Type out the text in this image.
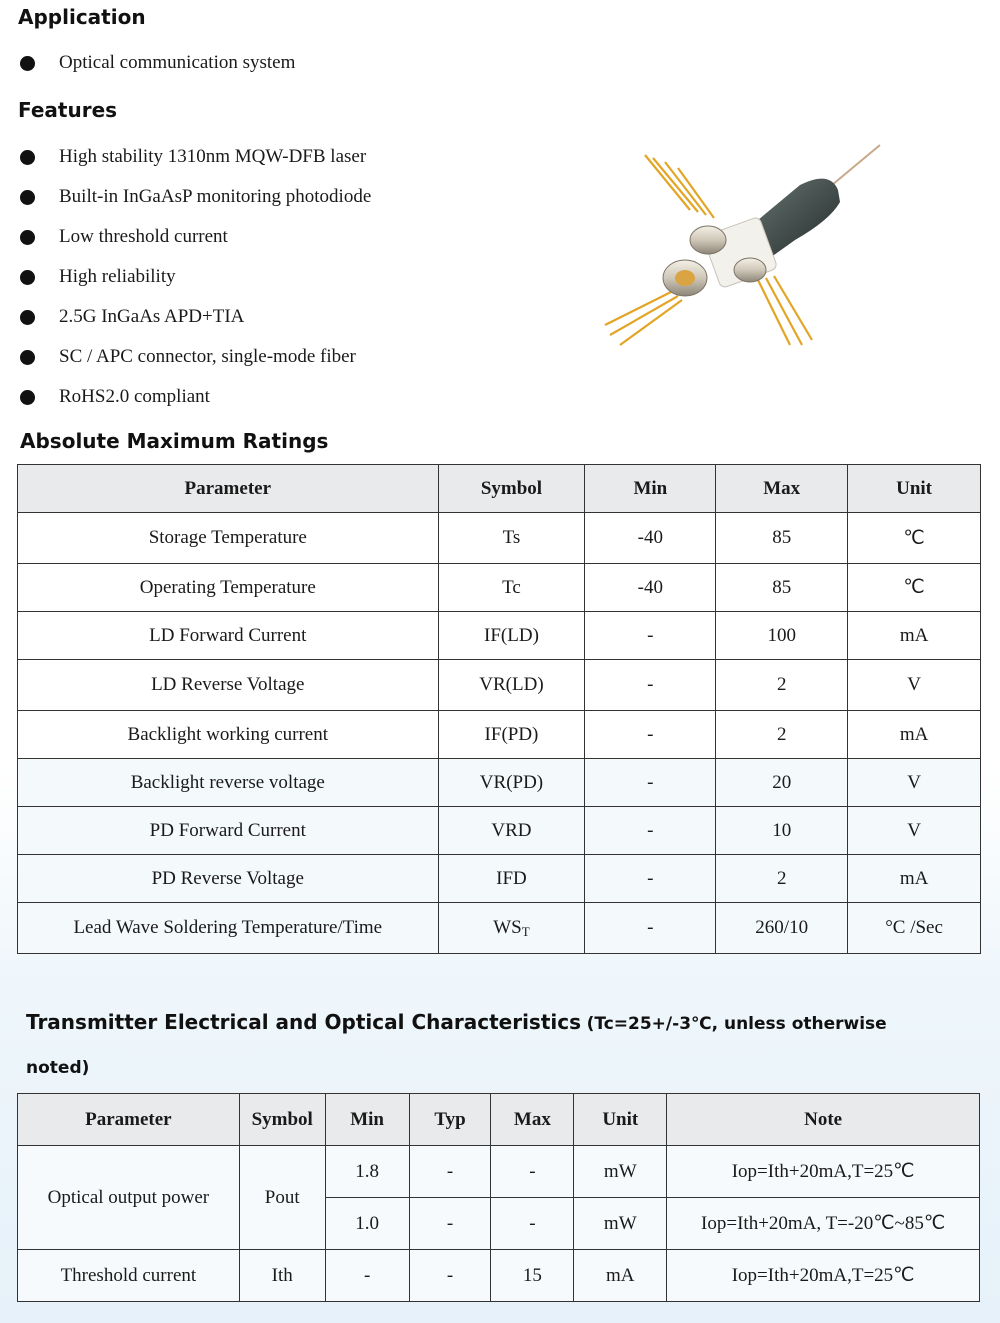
Application
Optical communication system
Features
High stability 1310nm MQW-DFB laser
Built-in InGaAsP monitoring photodiode
Low threshold current
High reliability
2.5G InGaAs APD+TIA
SC / APC connector, single-mode fiber
RoHS2.0 compliant
Absolute Maximum Ratings
Parameter	Symbol	Min	Max	Unit
Storage Temperature	Ts	-40	85	℃
Operating Temperature	Tc	-40	85	℃
LD Forward Current	IF(LD)	-	100	mA
LD Reverse Voltage	VR(LD)	-	2	V
Backlight working current	IF(PD)	-	2	mA
Backlight reverse voltage	VR(PD)	-	20	V
PD Forward Current	VRD	-	10	V
PD Reverse Voltage	IFD	-	2	mA
Lead Wave Soldering Temperature/Time	$WS_T$	-	260/10	°C /Sec

Transmitter Electrical and Optical Characteristics (Tc=25+/-3℃, unless otherwise

noted)

Parameter	Symbol	Min	Typ	Max	Unit	Note
Optical output power	Pout	1.8	-	-	mW	Iop=Ith+20mA,T=25℃
		1.0	-	-	mW	Iop=Ith+20mA, T=-20℃~85℃
Threshold current	Ith	-	-	15	mA	Iop=Ith+20mA,T=25℃
